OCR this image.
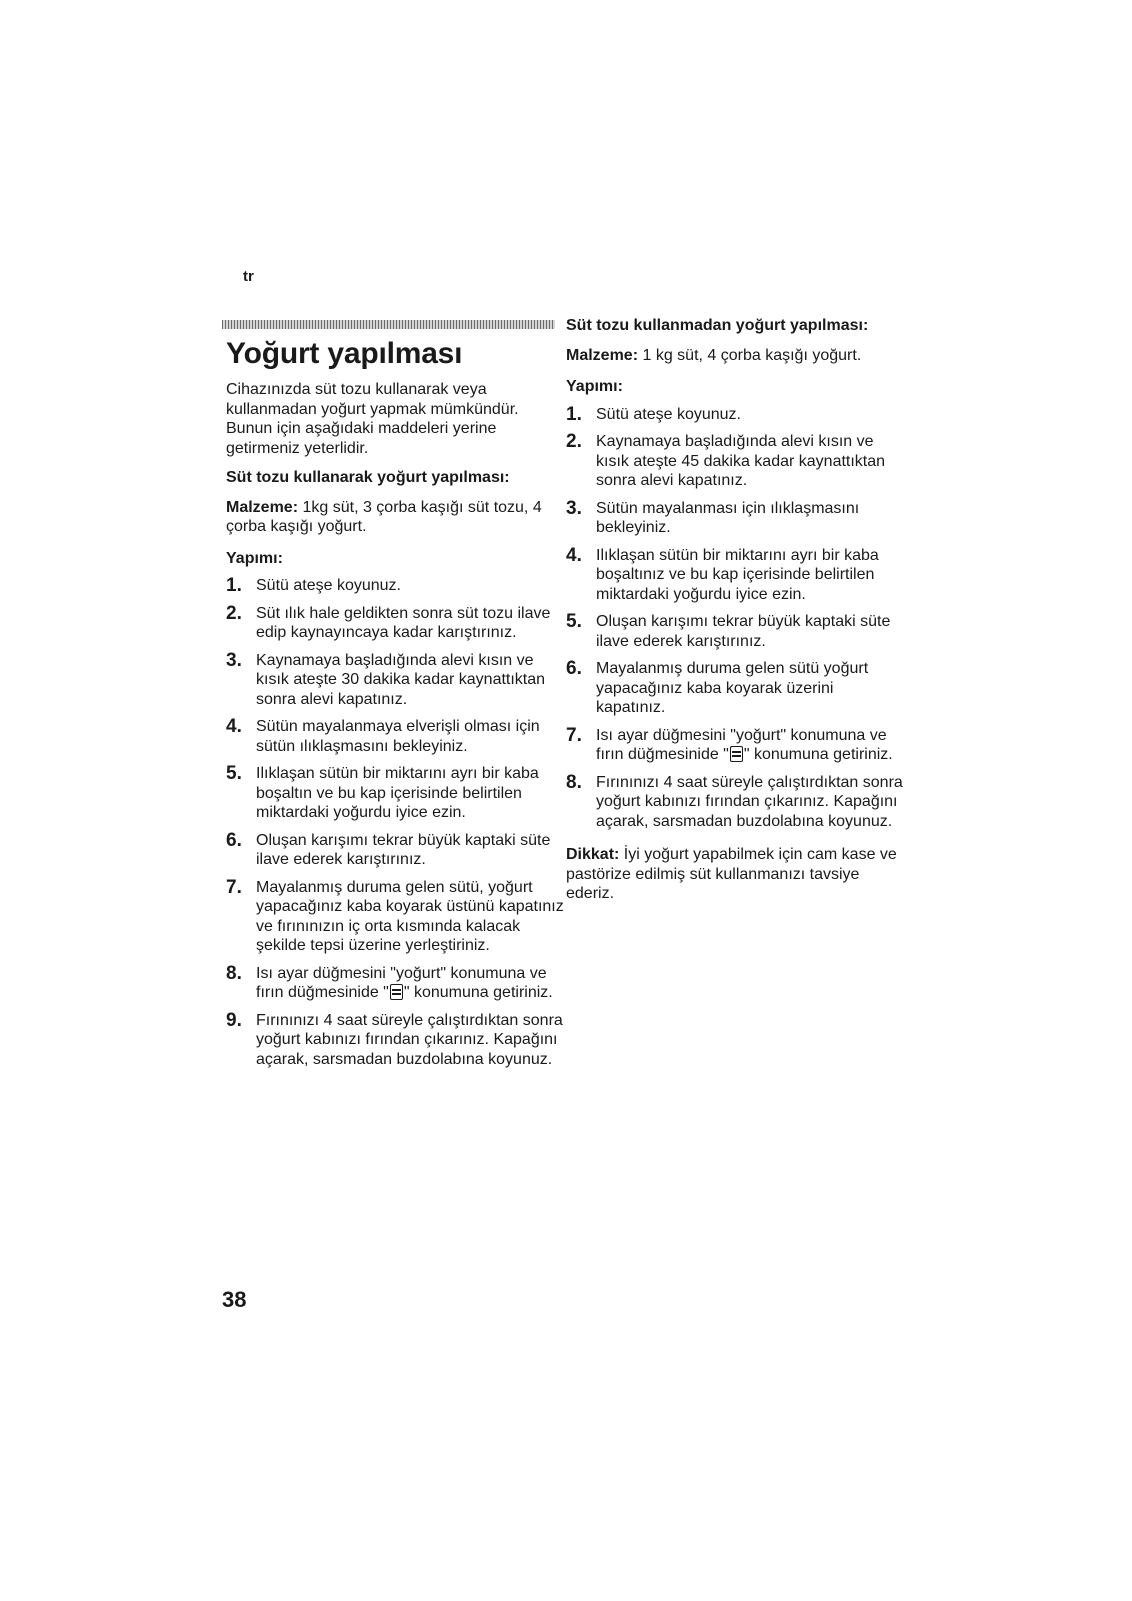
tr
Yoğurt yapılması

Cihazınızda süt tozu kullanarak veya kullanmadan yoğurt yapmak mümkündür. Bunun için aşağıdaki maddeleri yerine getirmeniz yeterlidir.

Süt tozu kullanarak yoğurt yapılması:

Malzeme: 1kg süt, 3 çorba kaşığı süt tozu, 4 çorba kaşığı yoğurt.

Yapımı:
1. Sütü ateşe koyunuz.
2. Süt ılık hale geldikten sonra süt tozu ilave edip kaynayıncaya kadar karıştırınız.
3. Kaynamaya başladığında alevi kısın ve kısık ateşte 30 dakika kadar kaynattıktan sonra alevi kapatınız.
4. Sütün mayalanmaya elverişli olması için sütün ılıklaşmasını bekleyiniz.
5. Ilıklaşan sütün bir miktarını ayrı bir kaba boşaltın ve bu kap içerisinde belirtilen miktardaki yoğurdu iyice ezin.
6. Oluşan karışımı tekrar büyük kaptaki süte ilave ederek karıştırınız.
7. Mayalanmış duruma gelen sütü, yoğurt yapacağınız kaba koyarak üstünü kapatınız ve fırınınızın iç orta kısmında kalacak şekilde tepsi üzerine yerleştiriniz.
8. Isı ayar düğmesini "yoğurt" konumuna ve fırın düğmesinide " " konumuna getiriniz.
9. Fırınınızı 4 saat süreyle çalıştırdıktan sonra yoğurt kabınızı fırından çıkarınız. Kapağını açarak, sarsmadan buzdolabına koyunuz.
Süt tozu kullanmadan yoğurt yapılması:

Malzeme: 1 kg süt, 4 çorba kaşığı yoğurt.

Yapımı:
1. Sütü ateşe koyunuz.
2. Kaynamaya başladığında alevi kısın ve kısık ateşte 45 dakika kadar kaynattıktan sonra alevi kapatınız.
3. Sütün mayalanması için ılıklaşmasını bekleyiniz.
4. Ilıklaşan sütün bir miktarını ayrı bir kaba boşaltınız ve bu kap içerisinde belirtilen miktardaki yoğurdu iyice ezin.
5. Oluşan karışımı tekrar büyük kaptaki süte ilave ederek karıştırınız.
6. Mayalanmış duruma gelen sütü yoğurt yapacağınız kaba koyarak üzerini kapatınız.
7. Isı ayar düğmesini "yoğurt" konumuna ve fırın düğmesinide " " konumuna getiriniz.
8. Fırınınızı 4 saat süreyle çalıştırdıktan sonra yoğurt kabınızı fırından çıkarınız. Kapağını açarak, sarsmadan buzdolabına koyunuz.

Dikkat: İyi yoğurt yapabilmek için cam kase ve pastörize edilmiş süt kullanmanızı tavsiye ederiz.

38
